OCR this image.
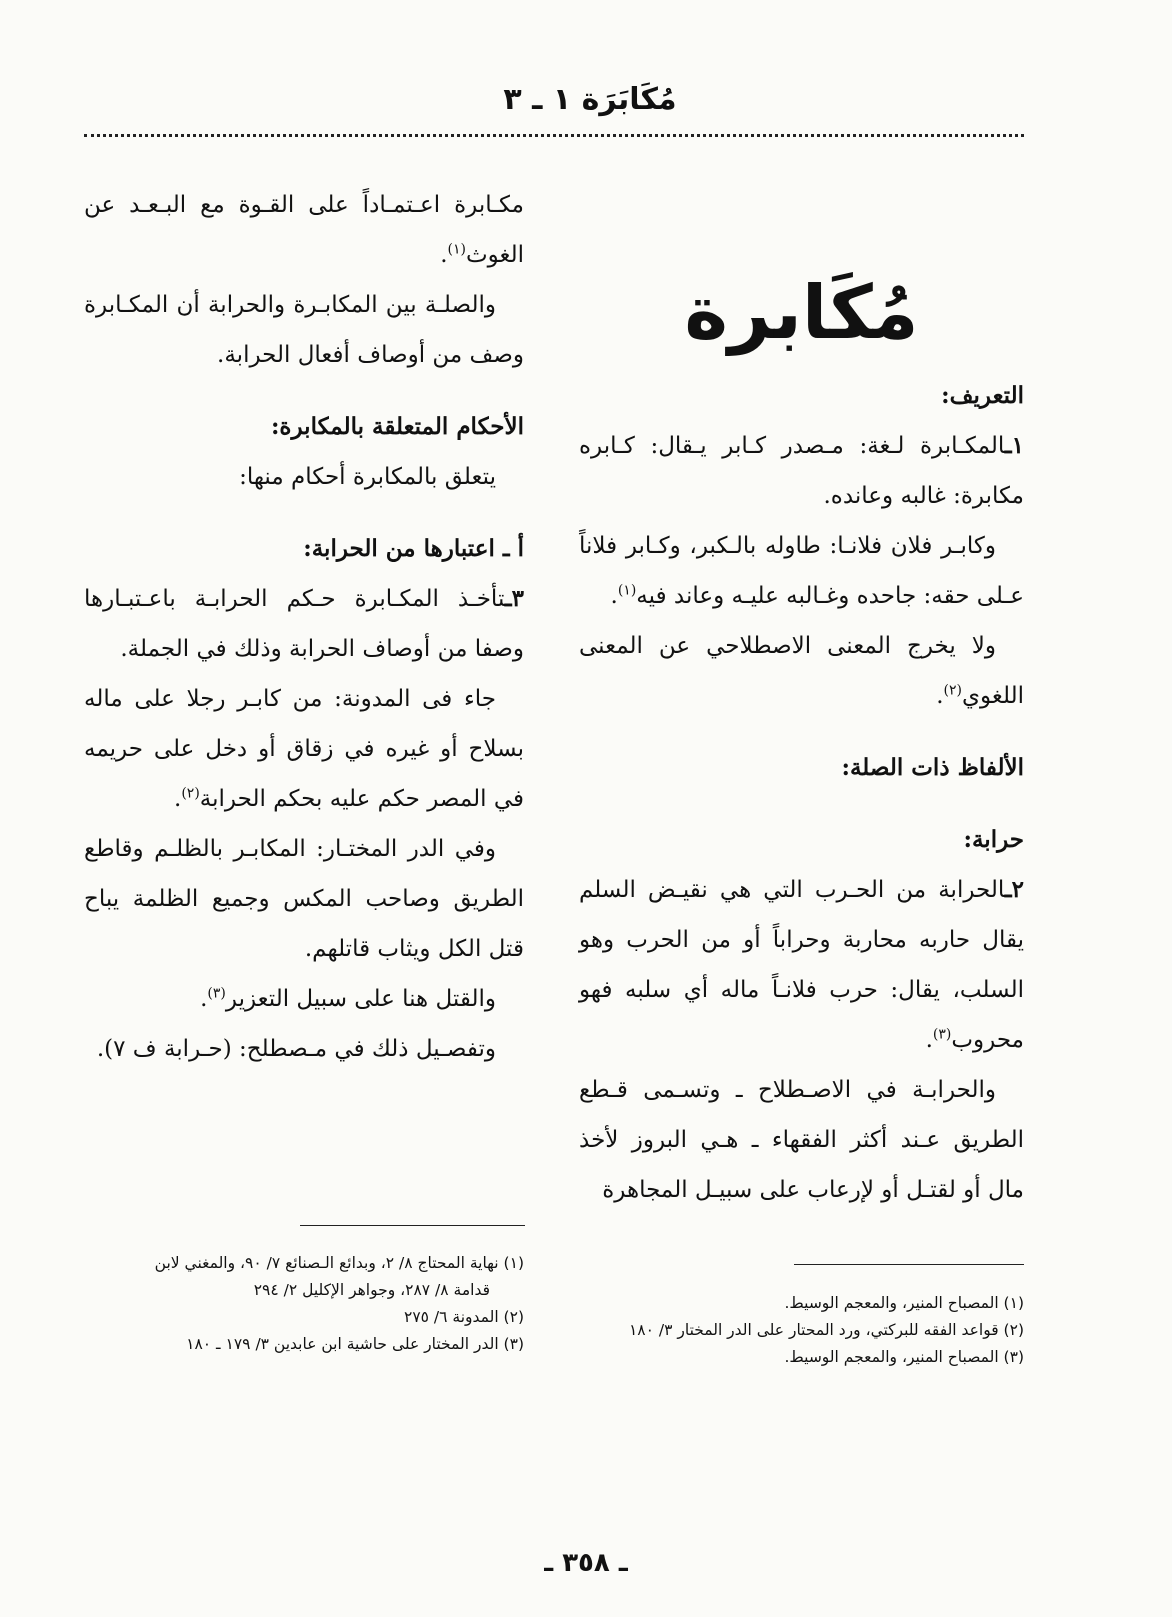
مُكَابَرَة ١ ـ ٣
مُكَابرة

التعريف:

١ـالمكـابرة لـغة: مـصدر كـابر يـقال: كـابره مكابرة: غالبه وعانده.

وكابـر فلان فلانـا: طاوله بالـكبر، وكـابر فلاناً عـلى حقه: جاحده وغـالبه عليـه وعاند فيه$^{(١)}$.

ولا يخرج المعنى الاصطلاحي عن المعنى اللغوي$^{(٢)}$.

الألفاظ ذات الصلة:

حرابة:

٢ـالحرابة من الحـرب التي هي نقيـض السلم يقال حاربه محاربة وحراباً أو من الحرب وهو السلب، يقال: حرب فلانـاً ماله أي سلبه فهو محروب$^{(٣)}$.

والحرابـة في الاصـطلاح ـ وتسـمى قـطع الطريق عـند أكثر الفقهاء ـ هـي البروز لأخذ مال أو لقتـل أو لإرعاب على سبيـل المجاهرة

مكـابرة اعـتمـاداً على القـوة مع البـعـد عن الغوث$^{(١)}$.

والصلـة بين المكابـرة والحرابة أن المكـابرة وصف من أوصاف أفعال الحرابة.

الأحكام المتعلقة بالمكابرة:

يتعلق بالمكابرة أحكام منها:

أ ـ اعتبارها من الحرابة:

٣ـتأخـذ المكـابرة حـكم الحرابـة باعـتبـارها وصفا من أوصاف الحرابة وذلك في الجملة.

جاء فى المدونة: من كابـر رجلا على ماله بسلاح أو غيره في زقاق أو دخل على حريمه في المصر حكم عليه بحكم الحرابة$^{(٢)}$.

وفي الدر المختـار: المكابـر بالظلـم وقاطع الطريق وصاحب المكس وجميع الظلمة يباح قتل الكل ويثاب قاتلهم.

والقتل هنا على سبيل التعزير$^{(٣)}$.

وتفصـيل ذلك في مـصطلح: (حـرابة ف ٧).

(١) المصباح المنير، والمعجم الوسيط.
(٢) قواعد الفقه للبركتي، ورد المحتار على الدر المختار ٣/ ١٨٠
(٣) المصباح المنير، والمعجم الوسيط.
(١) نهاية المحتاج ٨/ ٢، وبدائع الـصنائع ٧/ ٩٠، والمغني لابن
قدامة ٨/ ٢٨٧، وجواهر الإكليل ٢/ ٢٩٤
(٢) المدونة ٦/ ٢٧٥
(٣) الدر المختار على حاشية ابن عابدين ٣/ ١٧٩ ـ ١٨٠
ـ ٣٥٨ ـ
